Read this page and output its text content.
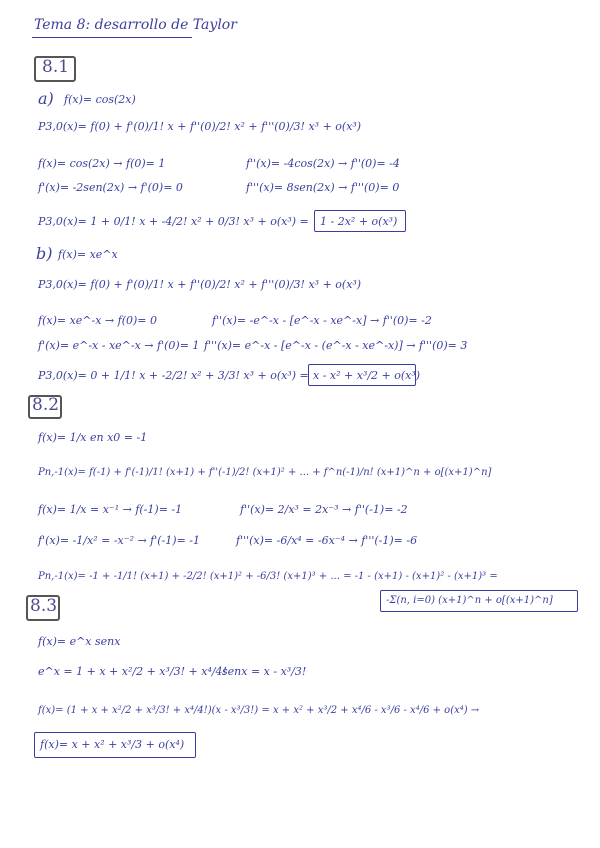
Tema 8: desarrollo de Taylor
8.1
a) f(x)= cos(2x)
P3,0(x)= f(0) + f'(0)/1! x + f''(0)/2! x² + f'''(0)/3! x³ + o(x³)
f(x)= cos(2x) → f(0)= 1	f''(x)= -4cos(2x) → f''(0)= -4
f'(x)= -2sen(2x) → f'(0)= 0	f'''(x)= 8sen(2x) → f'''(0)= 0
P3,0(x)= 1 + 0/1! x + -4/2! x² + 0/3! x³ + o(x³) = 1 - 2x² + o(x³)
b) f(x)= xe^x
P3,0(x)= f(0) + f'(0)/1! x + f''(0)/2! x² + f'''(0)/3! x³ + o(x³)
f(x)= xe^-x → f(0)= 0	f''(x)= -e^-x - [e^-x - xe^-x] → f''(0)= -2
f'(x)= e^-x - xe^-x → f'(0)= 1 f'''(x)= e^-x - [e^-x - (e^-x - xe^-x)] → f'''(0)= 3
P3,0(x)= 0 + 1/1! x + -2/2! x² + 3/3! x³ + o(x³) = x - x² + x³/2 + o(x³)
8.2
f(x)= 1/x en x0 = -1
Pn,-1(x)= f(-1) + f'(-1)/1! (x+1) + f''(-1)/2! (x+1)² + ... + f^n(-1)/n! (x+1)^n + o[(x+1)^n]
f(x)= 1/x = x⁻¹ → f(-1)= -1	f''(x)= 2/x³ = 2x⁻³ → f''(-1)= -2
f'(x)= -1/x² = -x⁻² → f'(-1)= -1	f'''(x)= -6/x⁴ = -6x⁻⁴ → f'''(-1)= -6
Pn,-1(x)= -1 + -1/1! (x+1) + -2/2! (x+1)² + -6/3! (x+1)³ + ... = -1 - (x+1) - (x+1)² - (x+1)³ =
-Σ(n, i=0) (x+1)^n + o[(x+1)^n]
8.3
f(x)= e^x senx
e^x = 1 + x + x²/2 + x³/3! + x⁴/4!
senx = x - x³/3!
f(x)= (1 + x + x²/2 + x³/3! + x⁴/4!)(x - x³/3!) = x + x² + x³/2 + x⁴/6 - x³/6 - x⁴/6 + o(x⁴) →
f(x)= x + x² + x³/3 + o(x⁴)
